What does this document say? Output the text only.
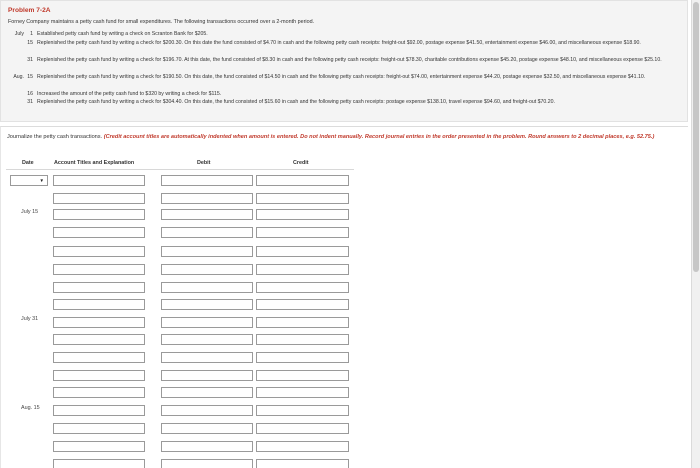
Problem 7-2A
Forney Company maintains a petty cash fund for small expenditures. The following transactions occurred over a 2-month period.
July	1 Established petty cash fund by writing a check on Scranton Bank for $205.
15 Replenished the petty cash fund by writing a check for $200.30. On this date the fund consisted of $4.70 in cash and the following petty cash receipts: freight-out $92.00, postage expense $41.50, entertainment expense $46.00, and miscellaneous expense $18.90.
31 Replenished the petty cash fund by writing a check for $196.70. At this date, the fund consisted of $8.30 in cash and the following petty cash receipts: freight-out $78.30, charitable contributions expense $45.20, postage expense $48.10, and miscellaneous expense $25.10.
Aug. 15 Replenished the petty cash fund by writing a check for $190.50. On this date, the fund consisted of $14.50 in cash and the following petty cash receipts: freight-out $74.00, entertainment expense $44.20, postage expense $32.50, and miscellaneous expense $41.10.
16 Increased the amount of the petty cash fund to $320 by writing a check for $115.
31 Replenished the petty cash fund by writing a check for $304.40. On this date, the fund consisted of $15.60 in cash and the following petty cash receipts: postage expense $138.10, travel expense $94.60, and freight-out $70.20.
Journalize the petty cash transactions. (Credit account titles are automatically indented when amount is entered. Do not indent manually. Record journal entries in the order presented in the problem. Round answers to 2 decimal places, e.g. 52.75.)
Date	Account Titles and Explanation	Debit	Credit
▼
July 15
July 31
Aug. 15
